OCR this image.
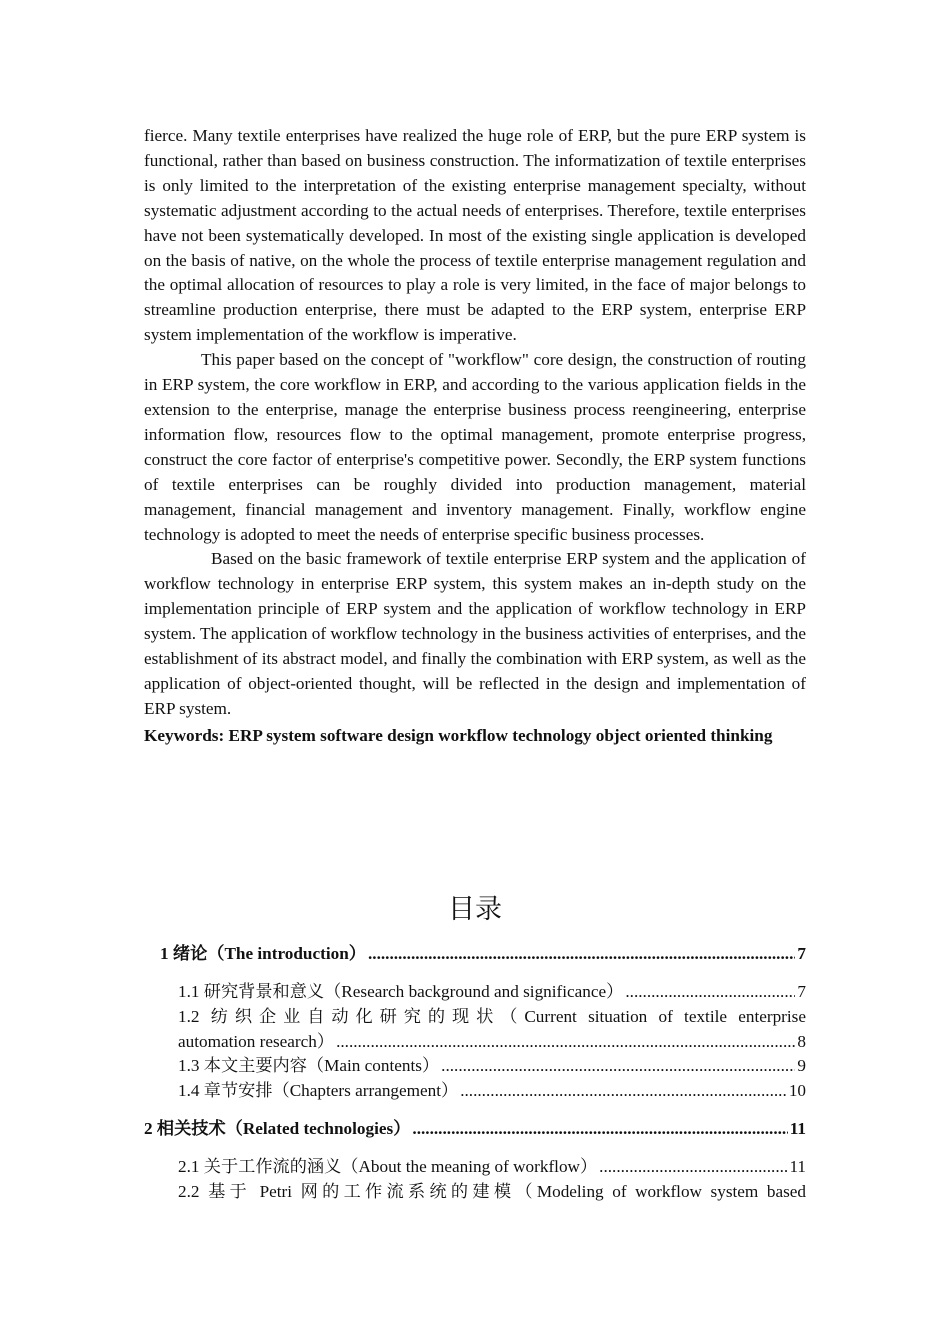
fierce. Many textile enterprises have realized the huge role of ERP, but the pure ERP system is functional, rather than based on business construction. The informatization of textile enterprises is only limited to the interpretation of the existing enterprise management specialty, without systematic adjustment according to the actual needs of enterprises. Therefore, textile enterprises have not been systematically developed. In most of the existing single application is developed on the basis of native, on the whole the process of textile enterprise management regulation and the optimal allocation of resources to play a role is very limited, in the face of major belongs to streamline production enterprise, there must be adapted to the ERP system, enterprise ERP system implementation of the workflow is imperative.

This paper based on the concept of "workflow" core design, the construction of routing in ERP system, the core workflow in ERP, and according to the various application fields in the extension to the enterprise, manage the enterprise business process reengineering, enterprise information flow, resources flow to the optimal management, promote enterprise progress, construct the core factor of enterprise's competitive power. Secondly, the ERP system functions of textile enterprises can be roughly divided into production management, material management, financial management and inventory management. Finally, workflow engine technology is adopted to meet the needs of enterprise specific business processes.

Based on the basic framework of textile enterprise ERP system and the application of workflow technology in enterprise ERP system, this system makes an in-depth study on the implementation principle of ERP system and the application of workflow technology in ERP system. The application of workflow technology in the business activities of enterprises, and the establishment of its abstract model, and finally the combination with ERP system, as well as the application of object-oriented thought, will be reflected in the design and implementation of ERP system.

Keywords: ERP system software design workflow technology object oriented thinking

目录
1 绪论（The introduction） .....	7
1.1 研究背景和意义（Research background and significance） .....	7
1.2 纺织企业自动化研究的现状（Current situation of textile enterprise
automation research） .....	8
1.3 本文主要内容（Main contents） .....	9
1.4 章节安排（Chapters arrangement） .....	10
2 相关技术（Related technologies） .....	11
2.1 关于工作流的涵义（About the meaning of workflow） .....	11
2.2 基于 Petri 网的工作流系统的建模（Modeling of workflow system based
